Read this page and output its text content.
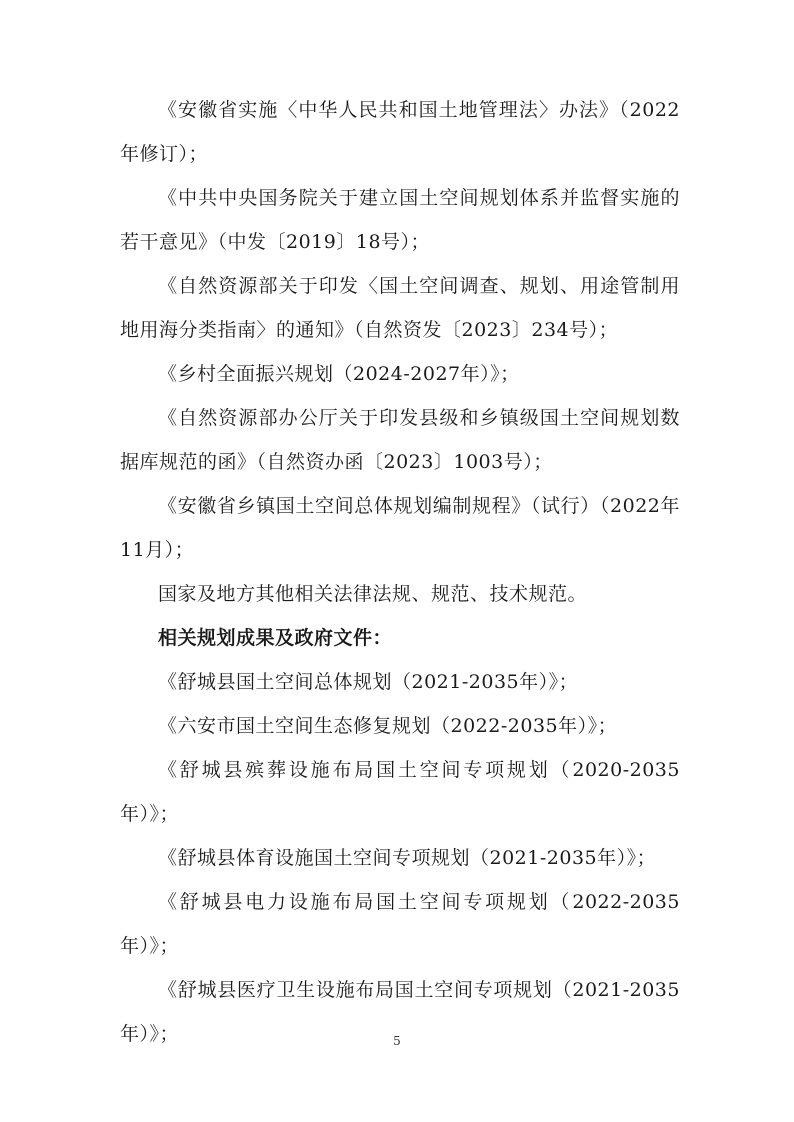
《安徽省实施〈中华人民共和国土地管理法〉办法》（2022年修订）；

《中共中央国务院关于建立国土空间规划体系并监督实施的若干意见》（中发〔2019〕18号）；

《自然资源部关于印发〈国土空间调查、规划、用途管制用地用海分类指南〉的通知》（自然资发〔2023〕234号）；

《乡村全面振兴规划（2024-2027年）》；

《自然资源部办公厅关于印发县级和乡镇级国土空间规划数据库规范的函》（自然资办函〔2023〕1003号）；

《安徽省乡镇国土空间总体规划编制规程》（试行）（2022年11月）；

国家及地方其他相关法律法规、规范、技术规范。

相关规划成果及政府文件：

《舒城县国土空间总体规划（2021-2035年）》；

《六安市国土空间生态修复规划（2022-2035年）》；

《舒城县殡葬设施布局国土空间专项规划（2020-2035年）》；

《舒城县体育设施国土空间专项规划（2021-2035年）》；

《舒城县电力设施布局国土空间专项规划（2022-2035年）》；

《舒城县医疗卫生设施布局国土空间专项规划（2021-2035年）》；	5
